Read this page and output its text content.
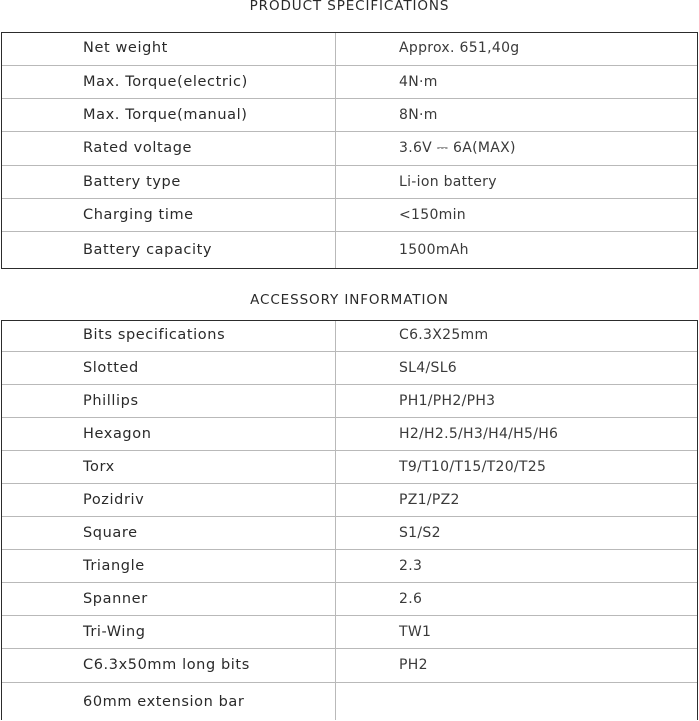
PRODUCT SPECIFICATIONS
Net weight	Approx. 651,40g
Max. Torque(electric)	4N·m
Max. Torque(manual)	8N·m
Rated voltage	3.6V ⎓ 6A(MAX)
Battery type	Li-ion battery
Charging time	<150min
Battery capacity	1500mAh
ACCESSORY INFORMATION
Bits specifications	C6.3X25mm
Slotted	SL4/SL6
Phillips	PH1/PH2/PH3
Hexagon	H2/H2.5/H3/H4/H5/H6
Torx	T9/T10/T15/T20/T25
Pozidriv	PZ1/PZ2
Square	S1/S2
Triangle	2.3
Spanner	2.6
Tri-Wing	TW1
C6.3x50mm long bits	PH2
60mm extension bar
